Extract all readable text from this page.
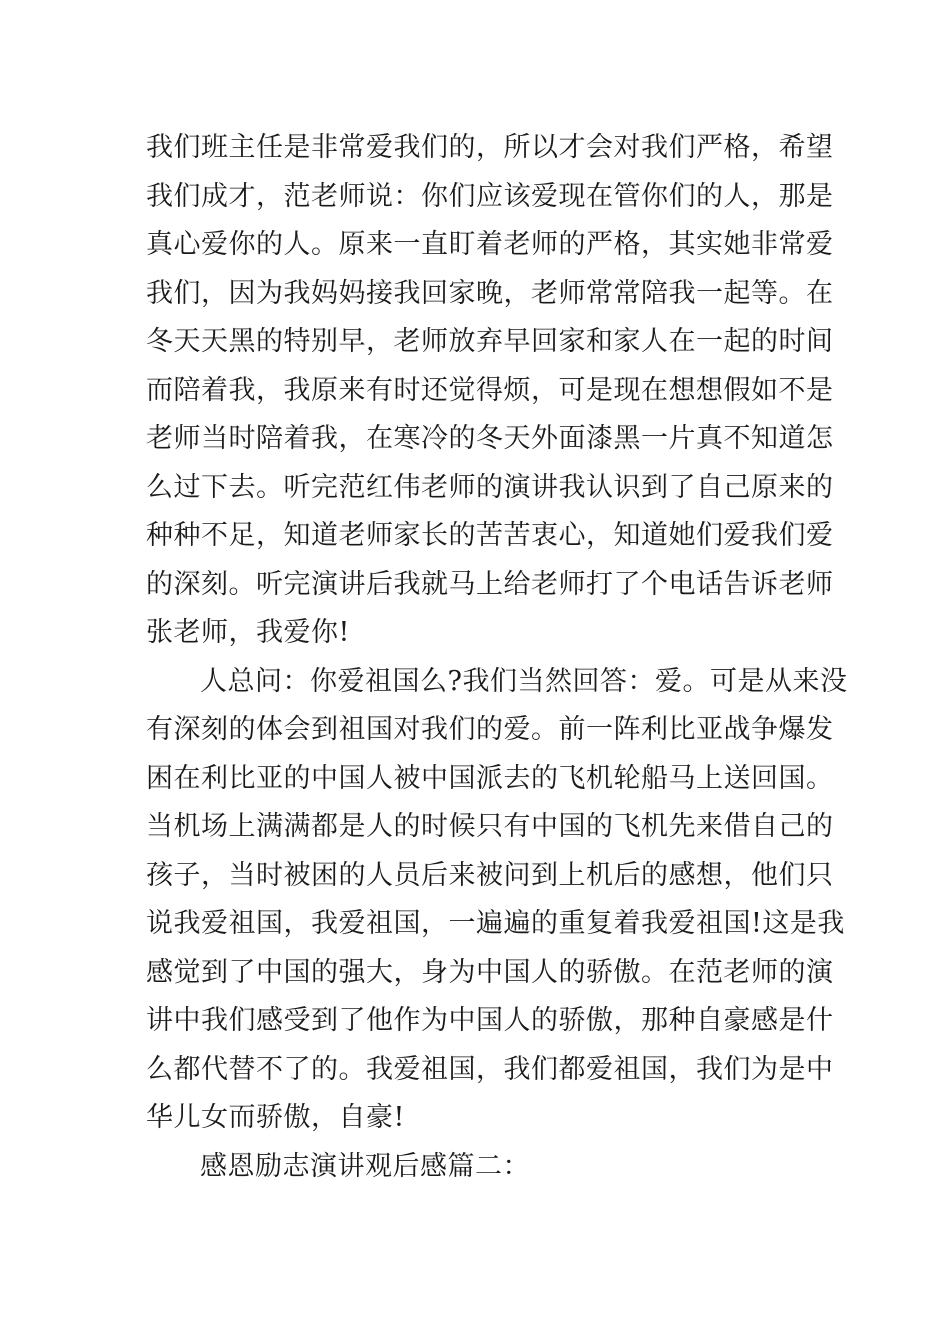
我们班主任是非常爱我们的，所以才会对我们严格，希望
我们成才，范老师说：你们应该爱现在管你们的人，那是
真心爱你的人。原来一直盯着老师的严格，其实她非常爱
我们，因为我妈妈接我回家晚，老师常常陪我一起等。在
冬天天黑的特别早，老师放弃早回家和家人在一起的时间
而陪着我，我原来有时还觉得烦，可是现在想想假如不是
老师当时陪着我，在寒冷的冬天外面漆黑一片真不知道怎
么过下去。听完范红伟老师的演讲我认识到了自己原来的
种种不足，知道老师家长的苦苦衷心，知道她们爱我们爱
的深刻。听完演讲后我就马上给老师打了个电话告诉老师
张老师，我爱你!
人总问：你爱祖国么?我们当然回答：爱。可是从来没
有深刻的体会到祖国对我们的爱。前一阵利比亚战争爆发
困在利比亚的中国人被中国派去的飞机轮船马上送回国。
当机场上满满都是人的时候只有中国的飞机先来借自己的
孩子，当时被困的人员后来被问到上机后的感想，他们只
说我爱祖国，我爱祖国，一遍遍的重复着我爱祖国!这是我
感觉到了中国的强大，身为中国人的骄傲。在范老师的演
讲中我们感受到了他作为中国人的骄傲，那种自豪感是什
么都代替不了的。我爱祖国，我们都爱祖国，我们为是中
华儿女而骄傲，自豪!
感恩励志演讲观后感篇二：
